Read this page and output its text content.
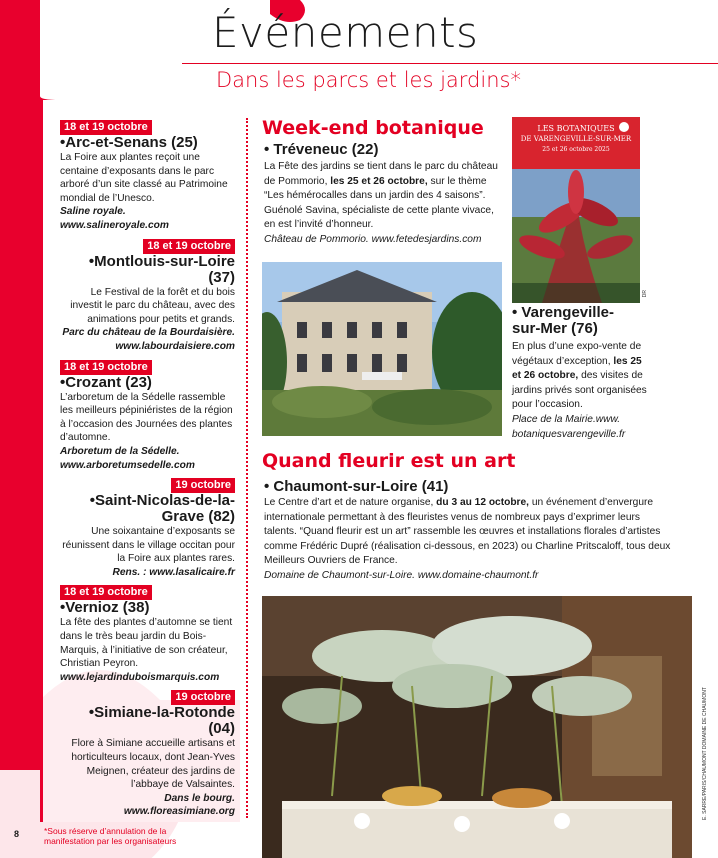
Événements
Dans les parcs et les jardins*
18 et 19 octobre
•Arc-et-Senans (25)
La Foire aux plantes reçoit une centaine d’exposants dans le parc arboré d’un site classé au Patrimoine mondial de l’Unesco.
Saline royale. www.salineroyale.com
18 et 19 octobre
•Montlouis-sur-Loire (37)
Le Festival de la forêt et du bois investit le parc du château, avec des animations pour petits et grands.
Parc du château de la Bourdaisière. www.labourdaisiere.com
18 et 19 octobre
•Crozant (23)
L’arboretum de la Sédelle rassemble les meilleurs pépiniéristes de la région à l’occasion des Journées des plantes d’automne.
Arboretum de la Sédelle. www.arboretumsedelle.com
19 octobre
•Saint-Nicolas-de-la-Grave (82)
Une soixantaine d’exposants se réunissent dans le village occitan pour la Foire aux plantes rares.
Rens. : www.lasalicaire.fr
18 et 19 octobre
•Vernioz (38)
La fête des plantes d’automne se tient dans le très beau jardin du Bois-Marquis, à l’initiative de son créateur, Christian Peyron.
www.lejardinduboismarquis.com
19 octobre
•Simiane-la-Rotonde (04)
Flore à Simiane accueille artisans et horticulteurs locaux, dont Jean-Yves Meignen, créateur des jardins de l’abbaye de Valsaintes.
Dans le bourg. www.floreasimiane.org
Week-end botanique
• Tréveneuc (22)
La Fête des jardins se tient dans le parc du château de Pommorio, les 25 et 26 octobre, sur le thème “Les hémérocalles dans un jardin des 4 saisons”. Guénolé Savina, spécialiste de cette plante vivace, en est l’invité d’honneur.
Château de Pommorio. www.fetedesjardins.com
LES BOTANIQUES
DE VARENGEVILLE-SUR-MER
25 et 26 octobre 2025
DR
• Varengeville-sur-Mer (76)
En plus d’une expo-vente de végétaux d’exception, les 25 et 26 octobre, des visites de jardins privés sont organisées pour l’occasion.
Place de la Mairie.www. botaniquesvarengeville.fr
Quand fleurir est un art
• Chaumont-sur-Loire (41)
Le Centre d’art et de nature organise, du 3 au 12 octobre, un événement d’envergure internationale permettant à des fleuristes venus de nombreux pays d’exprimer leurs talents. “Quand fleurir est un art” rassemble les œuvres et installations florales d’artistes comme Frédéric Dupré (réalisation ci-dessous, en 2023) ou Charline Pritscaloff, tous deux Meilleurs Ouvriers de France.
Domaine de Chaumont-sur-Loire. www.domaine-chaumont.fr
E. SARRE/PARIS/CHAUMONT DOMAINE DE CHAUMONT
8	*Sous réserve d’annulation de la manifestation par les organisateurs
